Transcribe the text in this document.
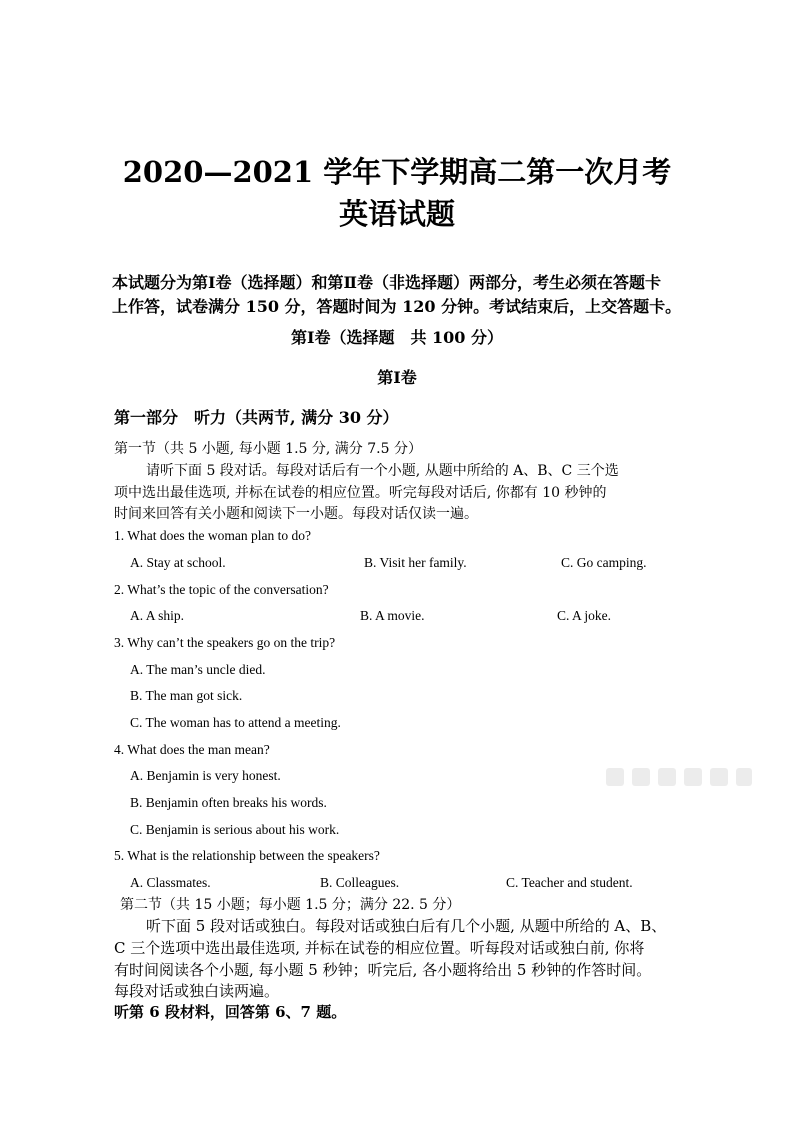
2020—2021 学年下学期高二第一次月考
英语试题
本试题分为第Ⅰ卷（选择题）和第Ⅱ卷（非选择题）两部分，考生必须在答题卡
上作答，试卷满分 150 分，答题时间为 120 分钟。考试结束后，上交答题卡。
第Ⅰ卷（选择题　共 100 分）
第Ⅰ卷
第一部分　听力（共两节, 满分 30 分）
第一节（共 5 小题, 每小题 1.5 分, 满分 7.5 分）
请听下面 5 段对话。每段对话后有一个小题, 从题中所给的 A、B、C 三个选
项中选出最佳选项, 并标在试卷的相应位置。听完每段对话后, 你都有 10 秒钟的
时间来回答有关小题和阅读下一小题。每段对话仅读一遍。
1. What does the woman plan to do?
A. Stay at school.	B. Visit her family.	C. Go camping.
2. What’s the topic of the conversation?
A. A ship.	B. A movie.	C. A joke.
3. Why can’t the speakers go on the trip?
A. The man’s uncle died.
B. The man got sick.
C. The woman has to attend a meeting.
4. What does the man mean?
A. Benjamin is very honest.
B. Benjamin often breaks his words.
C. Benjamin is serious about his work.
5. What is the relationship between the speakers?
A. Classmates.	B. Colleagues.	C. Teacher and student.
第二节（共 15 小题；每小题 1.5 分；满分 22. 5 分）
听下面 5 段对话或独白。每段对话或独白后有几个小题, 从题中所给的 A、B、
C 三个选项中选出最佳选项, 并标在试卷的相应位置。听每段对话或独白前, 你将
有时间阅读各个小题, 每小题 5 秒钟；听完后, 各小题将给出 5 秒钟的作答时间。
每段对话或独白读两遍。
听第 6 段材料，回答第 6、7 题。
